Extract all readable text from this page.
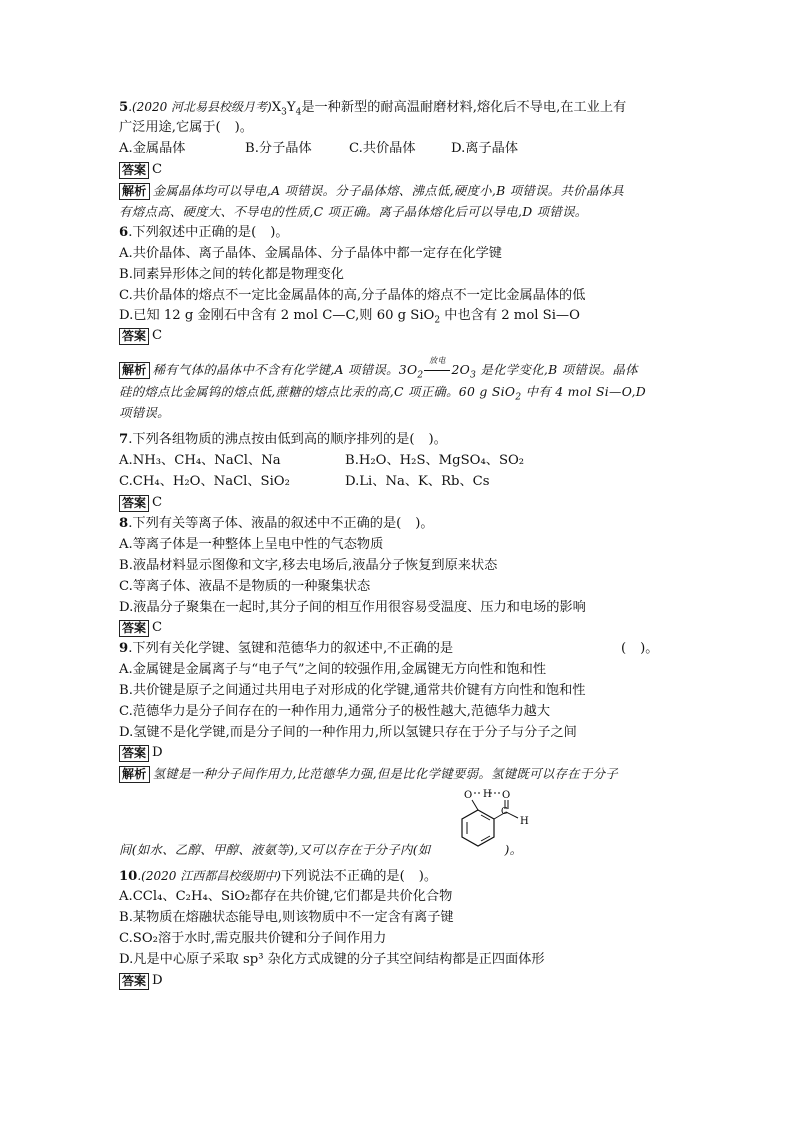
5.(2020 河北易县校级月考)$X_3Y_4$是一种新型的耐高温耐磨材料,熔化后不导电,在工业上有
广泛用途,它属于( )。
A.金属晶体	B.分子晶体	C.共价晶体	D.离子晶体
答案 C
解析 金属晶体均可以导电,A 项错误。分子晶体熔、沸点低,硬度小,B 项错误。共价晶体具
有熔点高、硬度大、不导电的性质,C 项正确。离子晶体熔化后可以导电,D 项错误。
6.下列叙述中正确的是( )。
A.共价晶体、离子晶体、金属晶体、分子晶体中都一定存在化学键
B.同素异形体之间的转化都是物理变化
C.共价晶体的熔点不一定比金属晶体的高,分子晶体的熔点不一定比金属晶体的低
D.已知 12 g 金刚石中含有 2 mol C—C,则 60 g SiO$_2$ 中也含有 2 mol Si—O
答案 C
解析 稀有气体的晶体中不含有化学键,A 项错误。$3O_2$
放电
$2O_3$ 是化学变化,B 项错误。晶体
硅的熔点比金属钨的熔点低,蔗糖的熔点比汞的高,C 项正确。60 g SiO$_2$ 中有 4 mol Si—O,D
项错误。
7.下列各组物质的沸点按由低到高的顺序排列的是( )。
A.NH₃、CH₄、NaCl、Na	B.H₂O、H₂S、MgSO₄、SO₂
C.CH₄、H₂O、NaCl、SiO₂	D.Li、Na、K、Rb、Cs
答案 C
8.下列有关等离子体、液晶的叙述中不正确的是( )。
A.等离子体是一种整体上呈电中性的气态物质
B.液晶材料显示图像和文字,移去电场后,液晶分子恢复到原来状态
C.等离子体、液晶不是物质的一种聚集状态
D.液晶分子聚集在一起时,其分子间的相互作用很容易受温度、压力和电场的影响
答案 C
9.下列有关化学键、氢键和范德华力的叙述中,不正确的是	( )。
A.金属键是金属离子与“电子气”之间的较强作用,金属键无方向性和饱和性
B.共价键是原子之间通过共用电子对形成的化学键,通常共价键有方向性和饱和性
C.范德华力是分子间存在的一种作用力,通常分子的极性越大,范德华力越大
D.氢键不是化学键,而是分子间的一种作用力,所以氢键只存在于分子与分子之间
答案 D
解析 氢键是一种分子间作用力,比范德华力强,但是比化学键要弱。氢键既可以存在于分子
间(如水、乙醇、甲醇、液氨等),又可以存在于分子内(如	)。
O H O
C
H
10.(2020 江西都昌校级期中)下列说法不正确的是( )。
A.CCl₄、C₂H₄、SiO₂都存在共价键,它们都是共价化合物
B.某物质在熔融状态能导电,则该物质中不一定含有离子键
C.SO₂溶于水时,需克服共价键和分子间作用力
D.凡是中心原子采取 sp³ 杂化方式成键的分子其空间结构都是正四面体形
答案 D
